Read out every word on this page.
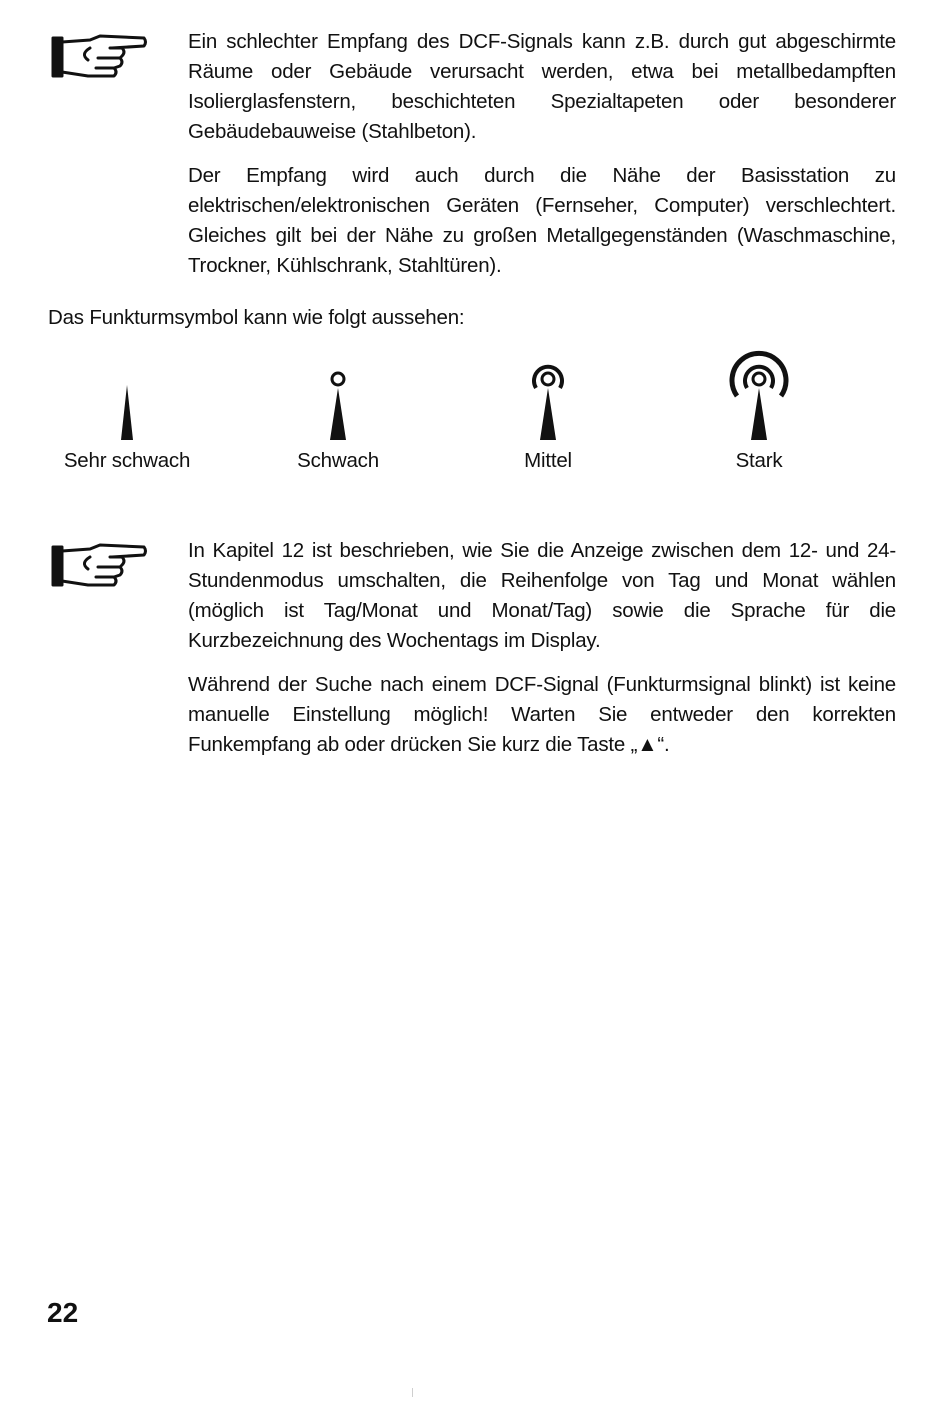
Ein schlechter Empfang des DCF-Signals kann z.B. durch gut abgeschirmte Räume oder Gebäude verursacht werden, etwa bei metallbedampften Isolierglasfenstern, beschichteten Spezialtapeten oder besonderer Gebäudebauweise (Stahlbeton).

Der Empfang wird auch durch die Nähe der Basisstation zu elektrischen/elektronischen Geräten (Fernseher, Computer) verschlechtert. Gleiches gilt bei der Nähe zu großen Metallgegenständen (Waschmaschine, Trockner, Kühlschrank, Stahltüren).

Das Funkturmsymbol kann wie folgt aussehen:

Sehr schwach	Schwach	Mittel	Stark

In Kapitel 12 ist beschrieben, wie Sie die Anzeige zwischen dem 12- und 24-Stundenmodus umschalten, die Reihenfolge von Tag und Monat wählen (möglich ist Tag/Monat und Monat/Tag) sowie die Sprache für die Kurzbezeichnung des Wochentags im Display.

Während der Suche nach einem DCF-Signal (Funkturmsignal blinkt) ist keine manuelle Einstellung möglich! Warten Sie entweder den korrekten Funkempfang ab oder drücken Sie kurz die Taste „▲“.

22
